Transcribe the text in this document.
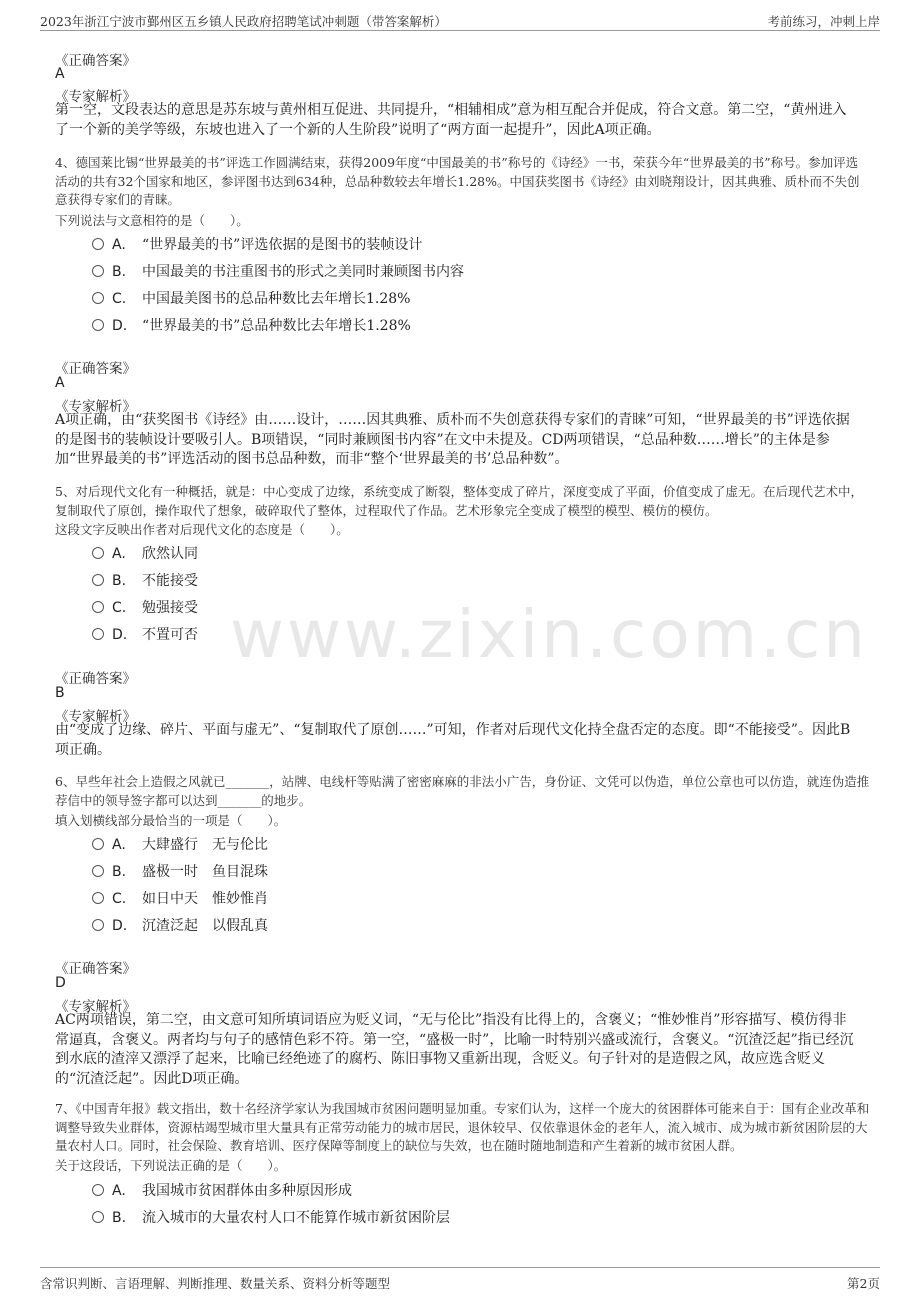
2023年浙江宁波市鄞州区五乡镇人民政府招聘笔试冲刺题（带答案解析）	考前练习，冲刺上岸
www.zixin.com.cn
《正确答案》
A
《专家解析》
第一空，文段表达的意思是苏东坡与黄州相互促进、共同提升，“相辅相成”意为相互配合并促成，符合文意。第二空，“黄州进入了一个新的美学等级，东坡也进入了一个新的人生阶段”说明了“两方面一起提升”，因此A项正确。
4、德国莱比锡“世界最美的书”评选工作圆满结束，获得2009年度“中国最美的书”称号的《诗经》一书，荣获今年“世界最美的书”称号。参加评选活动的共有32个国家和地区，参评图书达到634种，总品种数较去年增长1.28%。中国获奖图书《诗经》由刘晓翔设计，因其典雅、质朴而不失创意获得专家们的青睐。
下列说法与文意相符的是（　　）。
A. “世界最美的书”评选依据的是图书的装帧设计
B. 中国最美的书注重图书的形式之美同时兼顾图书内容
C. 中国最美图书的总品种数比去年增长1.28%
D. “世界最美的书”总品种数比去年增长1.28%
《正确答案》
A
《专家解析》
A项正确，由“获奖图书《诗经》由……设计，……因其典雅、质朴而不失创意获得专家们的青睐”可知，“世界最美的书”评选依据的是图书的装帧设计要吸引人。B项错误，“同时兼顾图书内容”在文中未提及。CD两项错误，“总品种数……增长”的主体是参加“世界最美的书”评选活动的图书总品种数，而非“整个‘世界最美的书’总品种数”。
5、对后现代文化有一种概括，就是：中心变成了边缘，系统变成了断裂，整体变成了碎片，深度变成了平面，价值变成了虚无。在后现代艺术中，复制取代了原创，操作取代了想象，破碎取代了整体，过程取代了作品。艺术形象完全变成了模型的模型、模仿的模仿。
这段文字反映出作者对后现代文化的态度是（　　）。
A. 欣然认同
B. 不能接受
C. 勉强接受
D. 不置可否
《正确答案》
B
《专家解析》
由“变成了边缘、碎片、平面与虚无”、“复制取代了原创……”可知，作者对后现代文化持全盘否定的态度。即“不能接受”。因此B项正确。
6、早些年社会上造假之风就已_______，站牌、电线杆等贴满了密密麻麻的非法小广告，身份证、文凭可以伪造，单位公章也可以仿造，就连伪造推荐信中的领导签字都可以达到_______的地步。
填入划横线部分最恰当的一项是（　　）。
A. 大肆盛行　无与伦比
B. 盛极一时　鱼目混珠
C. 如日中天　惟妙惟肖
D. 沉渣泛起　以假乱真
《正确答案》
D
《专家解析》
AC两项错误，第二空，由文意可知所填词语应为贬义词，“无与伦比”指没有比得上的，含褒义；“惟妙惟肖”形容描写、模仿得非常逼真，含褒义。两者均与句子的感情色彩不符。第一空，“盛极一时”，比喻一时特别兴盛或流行，含褒义。“沉渣泛起”指已经沉到水底的渣滓又漂浮了起来，比喻已经绝迹了的腐朽、陈旧事物又重新出现，含贬义。句子针对的是造假之风，故应选含贬义的“沉渣泛起”。因此D项正确。
7、《中国青年报》载文指出，数十名经济学家认为我国城市贫困问题明显加重。专家们认为，这样一个庞大的贫困群体可能来自于：国有企业改革和调整导致失业群体，资源枯竭型城市里大量具有正常劳动能力的城市居民，退休较早、仅依靠退休金的老年人，流入城市、成为城市新贫困阶层的大量农村人口。同时，社会保险、教育培训、医疗保障等制度上的缺位与失效，也在随时随地制造和产生着新的城市贫困人群。
关于这段话，下列说法正确的是（　　）。
A. 我国城市贫困群体由多种原因形成
B. 流入城市的大量农村人口不能算作城市新贫困阶层
含常识判断、言语理解、判断推理、数量关系、资料分析等题型	第2页
